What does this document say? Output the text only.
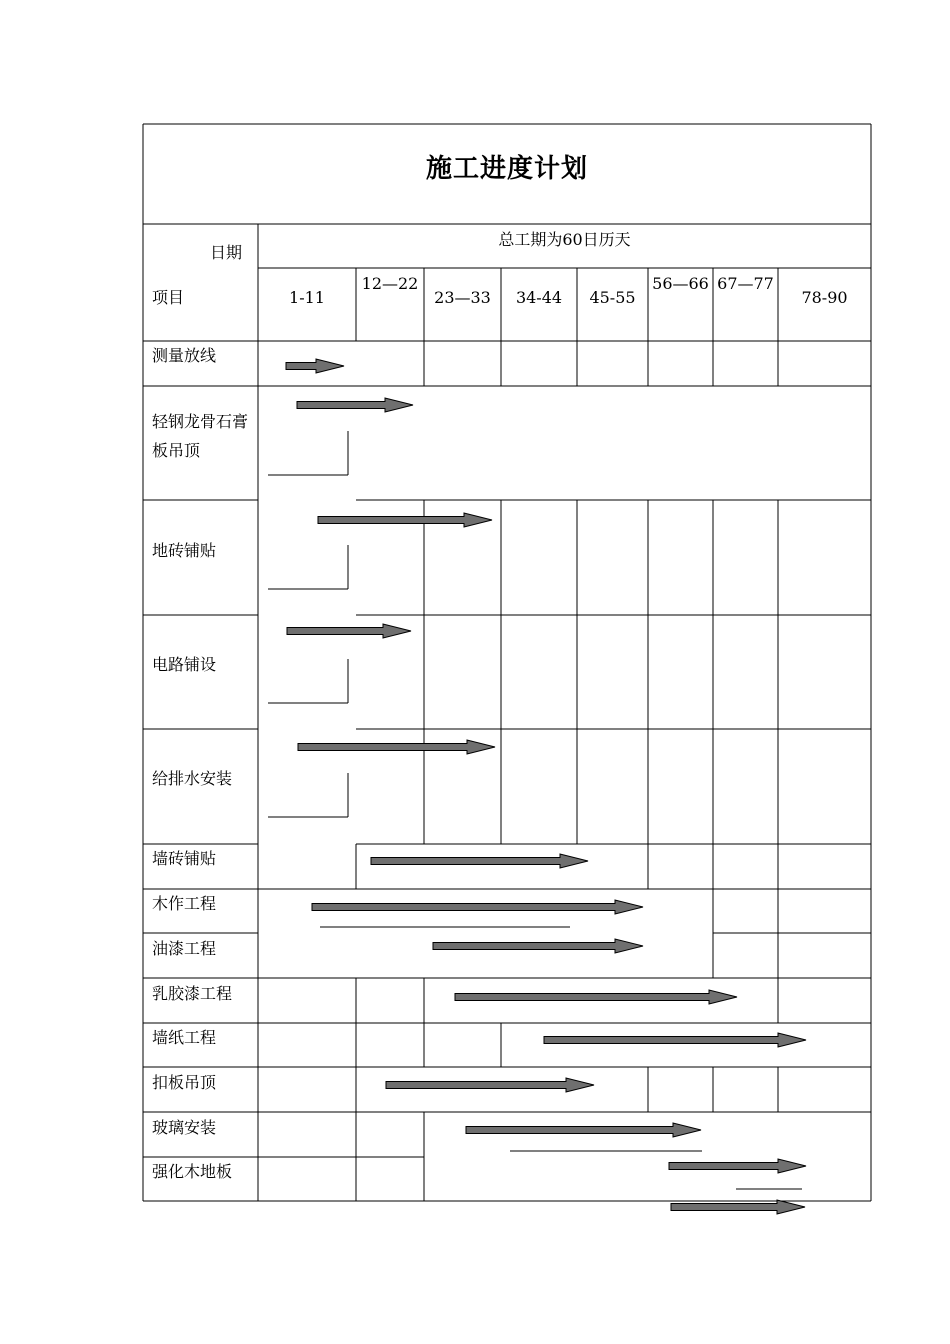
施工进度计划
日期
项目
总工期为60日历天
1-11
12—22
23—33	34-44	45-55
56—66 67—77
78-90
测量放线
轻钢龙骨石膏板吊顶
地砖铺贴
电路铺设
给排水安装
墙砖铺贴
木作工程
油漆工程
乳胶漆工程
墙纸工程
扣板吊顶
玻璃安装
强化木地板
